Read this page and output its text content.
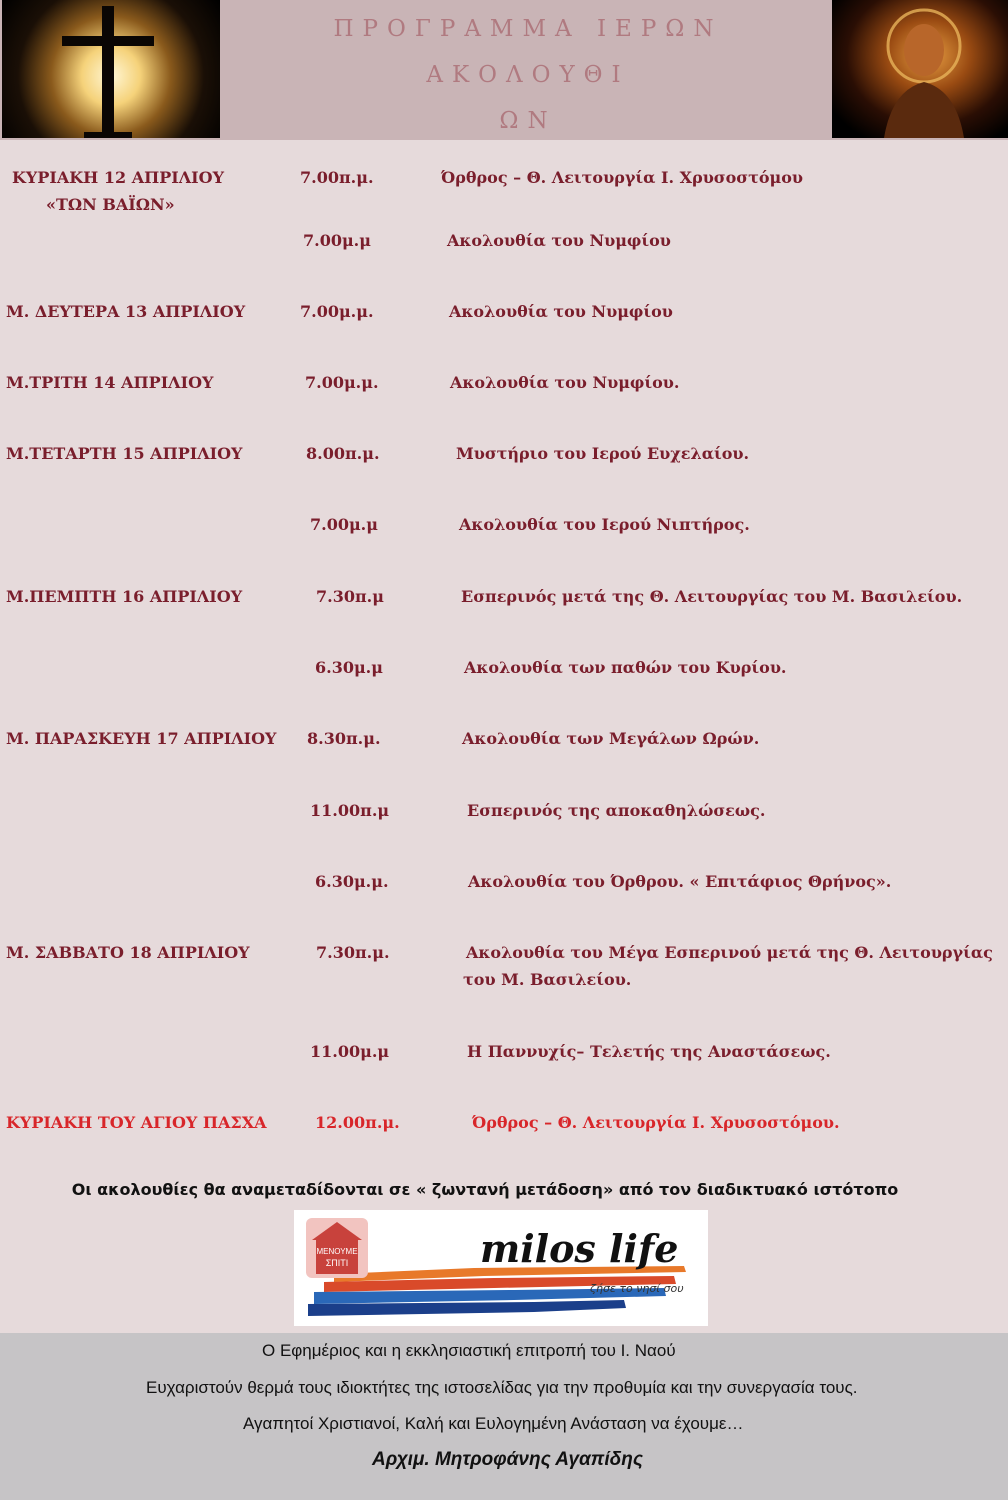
ΠΡΟΓΡΑΜΜΑ ΙΕΡΩΝ ΑΚΟΛΟΥΘΙ
ΩΝ
ΚΥΡΙΑΚΗ 12 ΑΠΡΙΛΙΟΥ
«ΤΩΝ ΒΑΪΩΝ»
7.00π.μ.	Όρθρος – Θ. Λειτουργία Ι. Χρυσοστόμου
7.00μ.μ	Ακολουθία του Νυμφίου
Μ. ΔΕΥΤΕΡΑ 13 ΑΠΡΙΛΙΟΥ	7.00μ.μ.	Ακολουθία του Νυμφίου
Μ.ΤΡΙΤΗ 14 ΑΠΡΙΛΙΟΥ	7.00μ.μ.	Ακολουθία του Νυμφίου.
Μ.ΤΕΤΑΡΤΗ 15 ΑΠΡΙΛΙΟΥ	8.00π.μ.	Μυστήριο του Ιερού Ευχελαίου.
7.00μ.μ	Ακολουθία του Ιερού Νιπτήρος.
Μ.ΠΕΜΠΤΗ 16 ΑΠΡΙΛΙΟΥ	7.30π.μ	Εσπερινός μετά της Θ. Λειτουργίας του Μ. Βασιλείου.
6.30μ.μ	Ακολουθία των παθών του Κυρίου.
Μ. ΠΑΡΑΣΚΕΥΗ 17 ΑΠΡΙΛΙΟΥ 8.30π.μ.	Ακολουθία των Μεγάλων Ωρών.
11.00π.μ	Εσπερινός της αποκαθηλώσεως.
6.30μ.μ.	Ακολουθία του Όρθρου. « Επιτάφιος Θρήνος».
Μ. ΣΑΒΒΑΤΟ 18 ΑΠΡΙΛΙΟΥ	7.30π.μ.	Ακολουθία του Μέγα Εσπερινού μετά της Θ. Λειτουργίας
του Μ. Βασιλείου.
11.00μ.μ	Η Παννυχίς– Τελετής της Αναστάσεως.
ΚΥΡΙΑΚΗ ΤΟΥ ΑΓΙΟΥ ΠΑΣΧΑ	12.00π.μ.	Όρθρος – Θ. Λειτουργία Ι. Χρυσοστόμου.
Οι ακολουθίες θα αναμεταδίδονται σε « ζωντανή μετάδοση» από τον διαδικτυακό ιστότοπο
ΜΕΝΟΥΜΕ
ΣΠΙΤΙ	milos life
ζήσε το νησί σου
Ο Εφημέριος και η εκκλησιαστική επιτροπή του Ι. Ναού
Ευχαριστούν θερμά τους ιδιοκτήτες της ιστοσελίδας για την προθυμία και την συνεργασία τους.
Αγαπητοί Χριστιανοί, Καλή και Ευλογημένη Ανάσταση να έχουμε…
Αρχιμ. Μητροφάνης Αγαπίδης
